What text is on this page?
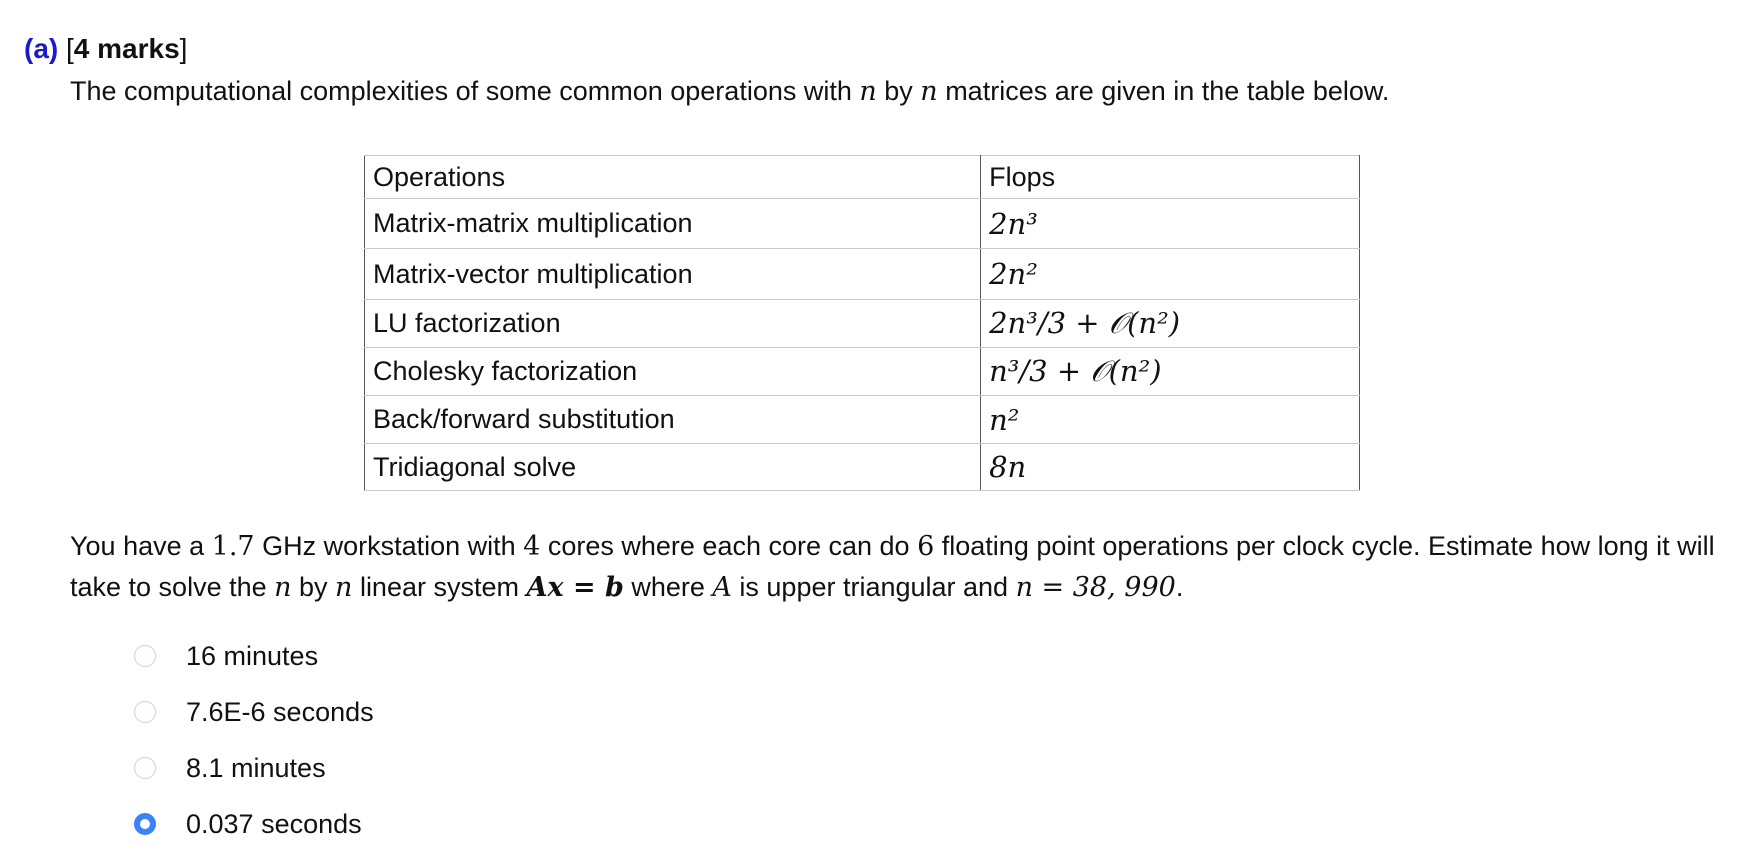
(a) [4 marks]
The computational complexities of some common operations with n by n matrices are given in the table below.
Operations	Flops
Matrix-matrix multiplication	2n³
Matrix-vector multiplication	2n²
LU factorization	2n³/3 + 𝒪(n²)
Cholesky factorization	n³/3 + 𝒪(n²)
Back/forward substitution	n²
Tridiagonal solve	8n
You have a 1.7 GHz workstation with 4 cores where each core can do 6 floating point operations per clock cycle. Estimate how long it will take to solve the n by n linear system Ax = b where A is upper triangular and n = 38, 990.
16 minutes
7.6E-6 seconds
8.1 minutes
0.037 seconds
